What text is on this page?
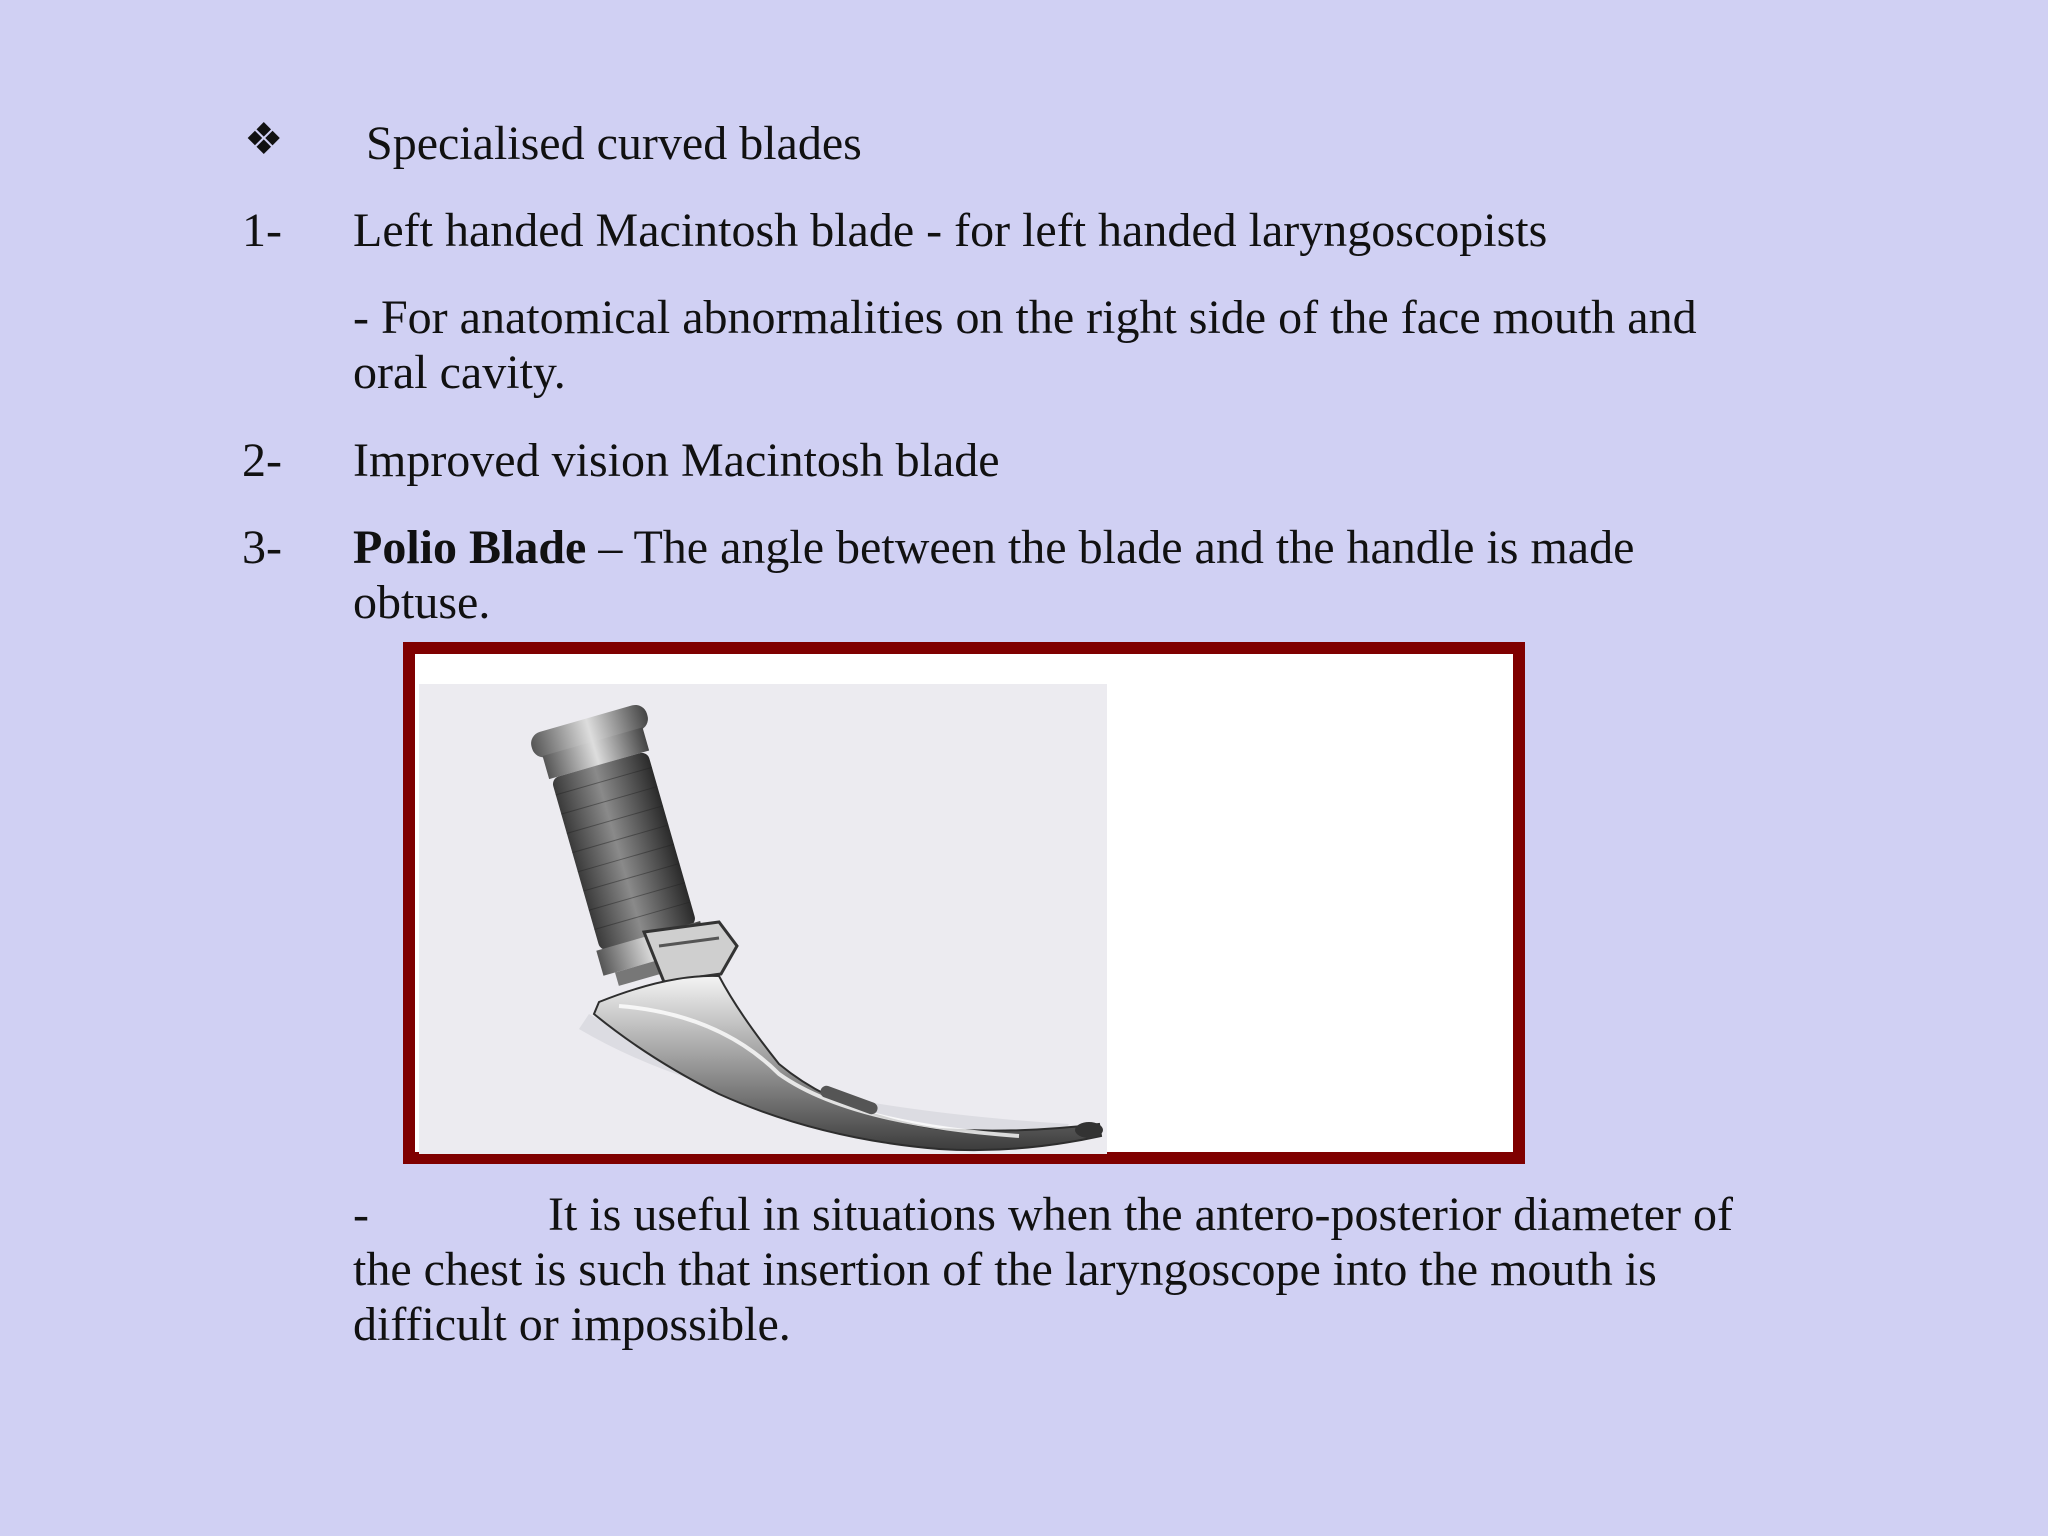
❖ Specialised curved blades
1- Left handed Macintosh blade - for left handed laryngoscopists
- For anatomical abnormalities on the right side of the face mouth and
oral cavity.
2- Improved vision Macintosh blade
3- Polio Blade – The angle between the blade and the handle is made
obtuse.
-	It is useful in situations when the antero-posterior diameter of
the chest is such that insertion of the laryngoscope into the mouth is
difficult or impossible.
